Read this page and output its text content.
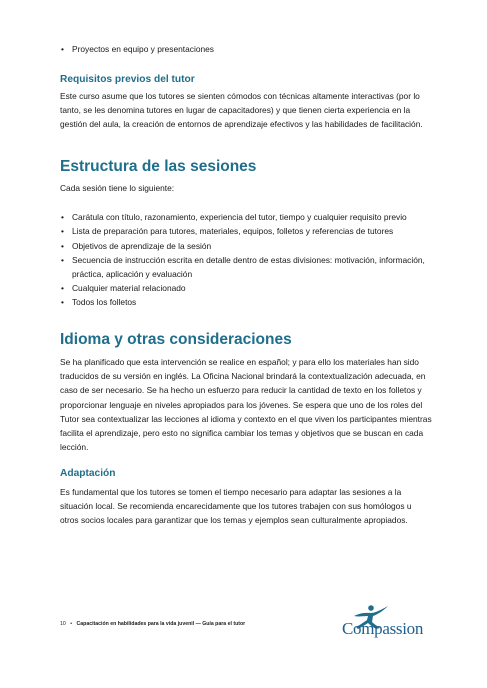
• Proyectos en equipo y presentaciones
Requisitos previos del tutor

Este curso asume que los tutores se sienten cómodos con técnicas altamente interactivas (por lo tanto, se les denomina tutores en lugar de capacitadores) y que tienen cierta experiencia en la gestión del aula, la creación de entornos de aprendizaje efectivos y las habilidades de facilitación.

Estructura de las sesiones

Cada sesión tiene lo siguiente:

• Carátula con título, razonamiento, experiencia del tutor, tiempo y cualquier requisito previo
• Lista de preparación para tutores, materiales, equipos, folletos y referencias de tutores
• Objetivos de aprendizaje de la sesión
• Secuencia de instrucción escrita en detalle dentro de estas divisiones: motivación, información, práctica, aplicación y evaluación
• Cualquier material relacionado
• Todos los folletos
Idioma y otras consideraciones

Se ha planificado que esta intervención se realice en español; y para ello los materiales han sido traducidos de su versión en inglés. La Oficina Nacional brindará la contextualización adecuada, en caso de ser necesario. Se ha hecho un esfuerzo para reducir la cantidad de texto en los folletos y proporcionar lenguaje en niveles apropiados para los jóvenes. Se espera que uno de los roles del Tutor sea contextualizar las lecciones al idioma y contexto en el que viven los participantes mientras facilita el aprendizaje, pero esto no significa cambiar los temas y objetivos que se buscan en cada lección.

Adaptación

Es fundamental que los tutores se tomen el tiempo necesario para adaptar las sesiones a la situación local. Se recomienda encarecidamente que los tutores trabajen con sus homólogos u otros socios locales para garantizar que los temas y ejemplos sean culturalmente apropiados.

10 • Capacitación en habilidades para la vida juvenil — Guía para el tutor	Compassion
